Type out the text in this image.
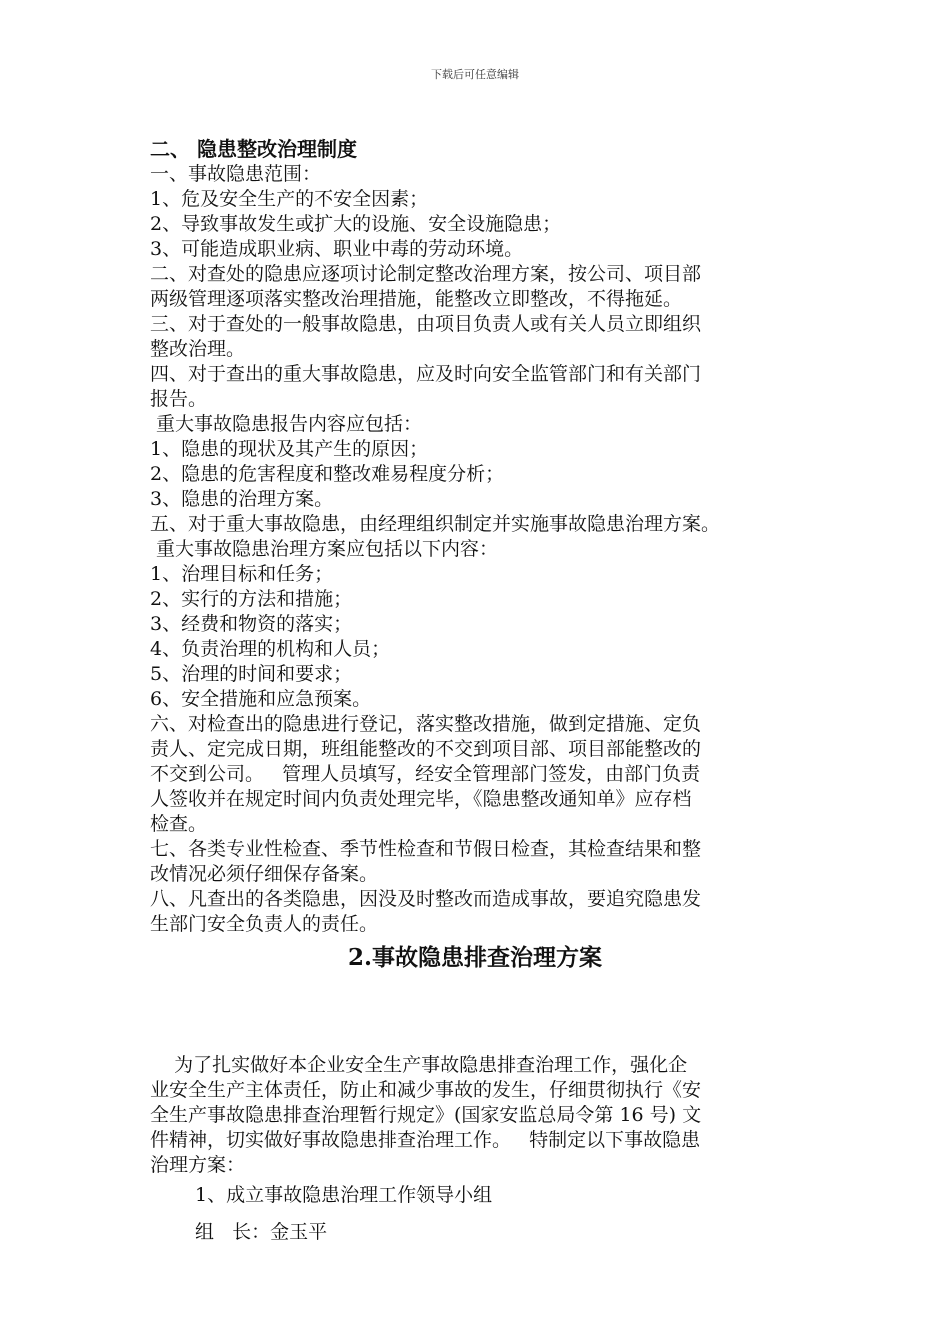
下载后可任意编辑
二、 隐患整改治理制度
一、事故隐患范围：
1、危及安全生产的不安全因素；
2、导致事故发生或扩大的设施、安全设施隐患；
3、可能造成职业病、职业中毒的劳动环境。
二、对查处的隐患应逐项讨论制定整改治理方案，按公司、项目部
两级管理逐项落实整改治理措施，能整改立即整改，不得拖延。
三、对于查处的一般事故隐患，由项目负责人或有关人员立即组织
整改治理。
四、对于查出的重大事故隐患，应及时向安全监管部门和有关部门
报告。
重大事故隐患报告内容应包括：
1、隐患的现状及其产生的原因；
2、隐患的危害程度和整改难易程度分析；
3、隐患的治理方案。
五、对于重大事故隐患，由经理组织制定并实施事故隐患治理方案。
重大事故隐患治理方案应包括以下内容：
1、治理目标和任务；
2、实行的方法和措施；
3、经费和物资的落实；
4、负责治理的机构和人员；
5、治理的时间和要求；
6、安全措施和应急预案。
六、对检查出的隐患进行登记，落实整改措施，做到定措施、定负
责人、定完成日期，班组能整改的不交到项目部、项目部能整改的
不交到公司。   管理人员填写，经安全管理部门签发，由部门负责
人签收并在规定时间内负责处理完毕，《隐患整改通知单》应存档
检查。
七、各类专业性检查、季节性检查和节假日检查，其检查结果和整
改情况必须仔细保存备案。
八、凡查出的各类隐患，因没及时整改而造成事故，要追究隐患发
生部门安全负责人的责任。
2.事故隐患排查治理方案
为了扎实做好本企业安全生产事故隐患排查治理工作，强化企
业安全生产主体责任，防止和减少事故的发生，仔细贯彻执行《安
全生产事故隐患排查治理暂行规定》(国家安监总局令第 16 号) 文
件精神，切实做好事故隐患排查治理工作。   特制定以下事故隐患
治理方案：
1、成立事故隐患治理工作领导小组
组   长：金玉平
